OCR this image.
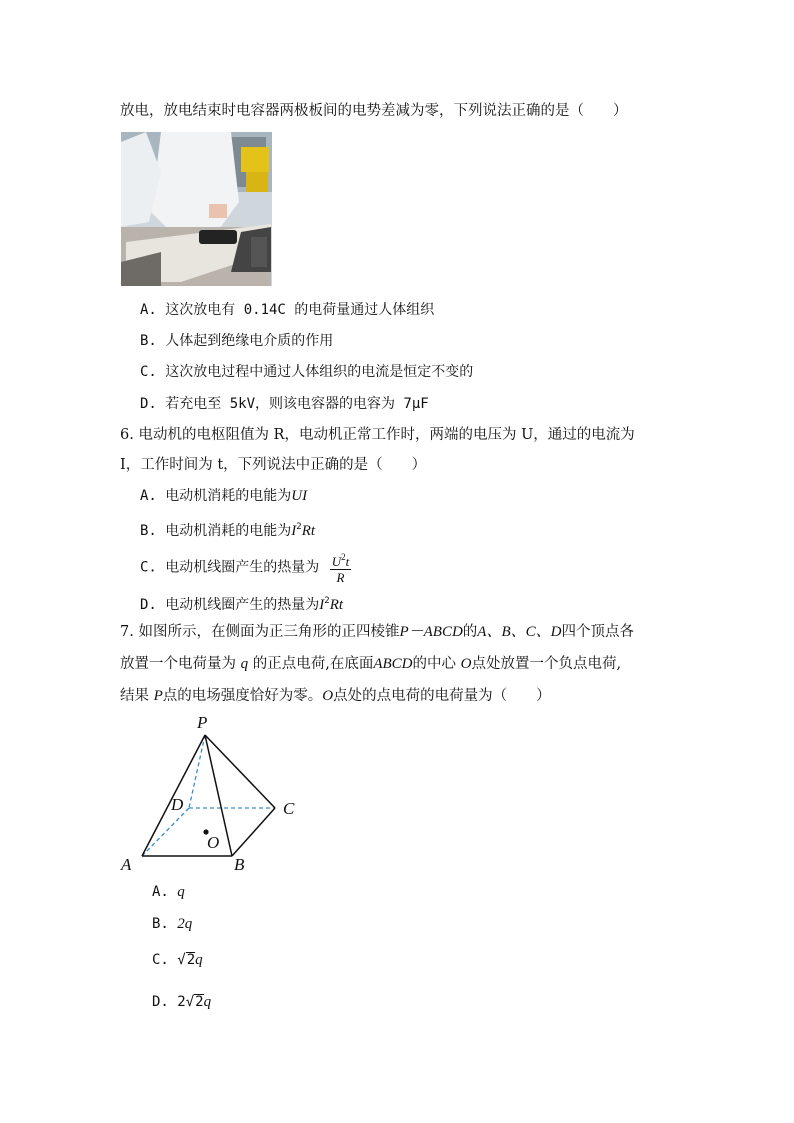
放电，放电结束时电容器两极板间的电势差减为零，下列说法正确的是（　　）
A. 这次放电有 0.14C 的电荷量通过人体组织
B. 人体起到绝缘电介质的作用
C. 这次放电过程中通过人体组织的电流是恒定不变的
D. 若充电至 5kV，则该电容器的电容为 7μF
6. 电动机的电枢阻值为 R，电动机正常工作时，两端的电压为 U，通过的电流为
I，工作时间为 t，下列说法中正确的是（　　）
A. 电动机消耗的电能为UI
B. 电动机消耗的电能为$I^2Rt$
C. 电动机线圈产生的热量为 $\frac{U^2t}{R}$
D. 电动机线圈产生的热量为$I^2Rt$
7. 如图所示，在侧面为正三角形的正四棱锥P－ABCD的A、B、C、D四个顶点各
放置一个电荷量为 q 的正点电荷,在底面ABCD的中心 O点处放置一个负点电荷,
结果 P点的电场强度恰好为零。O点处的点电荷的电荷量为（　　）
P
A	B
C
D
O
A. q
B. 2q
C. √2q
D. 2√2q
